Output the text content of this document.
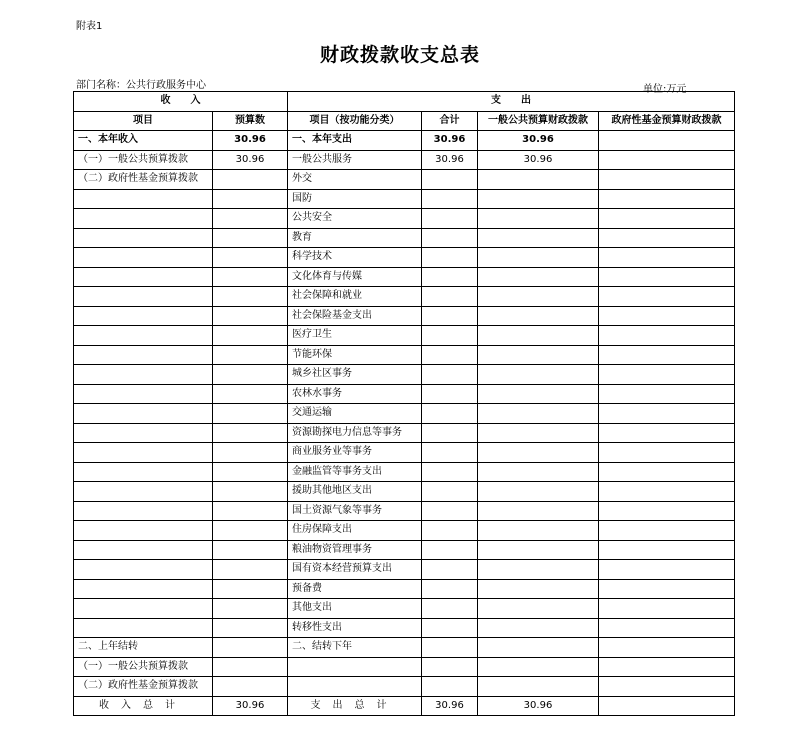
附表1
财政拨款收支总表
部门名称：公共行政服务中心	单位:万元
收　　入		支　　出			
项目	预算数	项目（按功能分类）	合计	一般公共预算财政拨款	政府性基金预算财政拨款
一、本年收入	30.96	一、本年支出	30.96	30.96	
（一）一般公共预算拨款	30.96	一般公共服务	30.96	30.96	
（二）政府性基金预算拨款		外交			
		国防			
		公共安全			
		教育			
		科学技术			
		文化体育与传媒			
		社会保障和就业			
		社会保险基金支出			
		医疗卫生			
		节能环保			
		城乡社区事务			
		农林水事务			
		交通运输			
		资源勘探电力信息等事务			
		商业服务业等事务			
		金融监管等事务支出			
		援助其他地区支出			
		国土资源气象等事务			
		住房保障支出			
		粮油物资管理事务			
		国有资本经营预算支出			
		预备费			
		其他支出			
		转移性支出			
二、上年结转		二、结转下年			
（一）一般公共预算拨款					
（二）政府性基金预算拨款					
收入总计	30.96	支出总计	30.96	30.96	
